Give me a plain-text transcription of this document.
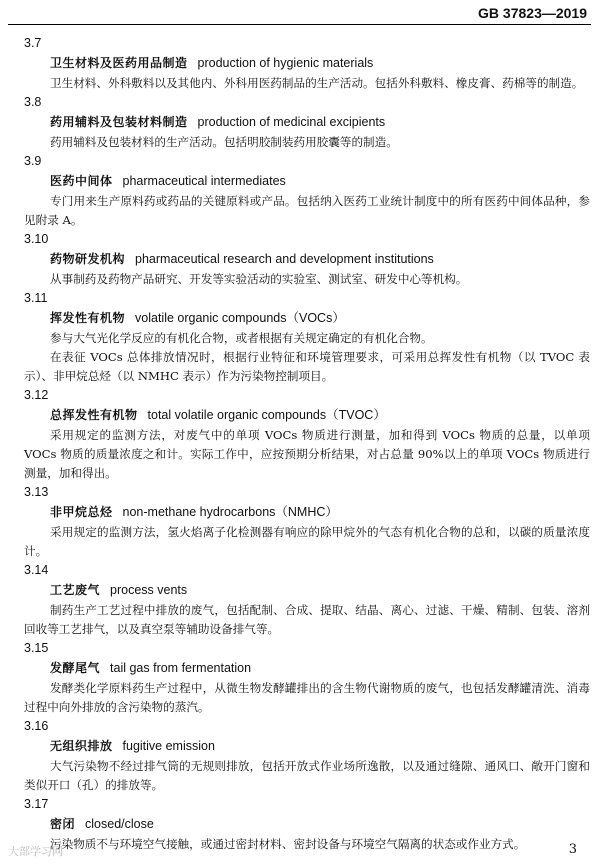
GB 37823—2019
3.7
卫生材料及医药用品制造 production of hygienic materials
卫生材料、外科敷料以及其他内、外科用医药制品的生产活动。包括外科敷料、橡皮膏、药棉等的制造。
3.8
药用辅料及包装材料制造 production of medicinal excipients
药用辅料及包装材料的生产活动。包括明胶制装药用胶囊等的制造。
3.9
医药中间体 pharmaceutical intermediates
专门用来生产原料药或药品的关键原料或产品。包括纳入医药工业统计制度中的所有医药中间体品种，参见附录 A。
3.10
药物研发机构 pharmaceutical research and development institutions
从事制药及药物产品研究、开发等实验活动的实验室、测试室、研发中心等机构。
3.11
挥发性有机物 volatile organic compounds（VOCs）
参与大气光化学反应的有机化合物，或者根据有关规定确定的有机化合物。
在表征 VOCs 总体排放情况时，根据行业特征和环境管理要求，可采用总挥发性有机物（以 TVOC 表示）、非甲烷总烃（以 NMHC 表示）作为污染物控制项目。
3.12
总挥发性有机物 total volatile organic compounds（TVOC）
采用规定的监测方法，对废气中的单项 VOCs 物质进行测量，加和得到 VOCs 物质的总量，以单项 VOCs 物质的质量浓度之和计。实际工作中，应按预期分析结果，对占总量 90%以上的单项 VOCs 物质进行测量，加和得出。
3.13
非甲烷总烃 non-methane hydrocarbons（NMHC）
采用规定的监测方法，氢火焰离子化检测器有响应的除甲烷外的气态有机化合物的总和，以碳的质量浓度计。
3.14
工艺废气 process vents
制药生产工艺过程中排放的废气，包括配制、合成、提取、结晶、离心、过滤、干燥、精制、包装、溶剂回收等工艺排气，以及真空泵等辅助设备排气等。
3.15
发酵尾气 tail gas from fermentation
发酵类化学原料药生产过程中，从微生物发酵罐排出的含生物代谢物质的废气，也包括发酵罐清洗、消毒过程中向外排放的含污染物的蒸汽。
3.16
无组织排放 fugitive emission
大气污染物不经过排气筒的无规则排放，包括开放式作业场所逸散，以及通过缝隙、通风口、敞开门窗和类似开口（孔）的排放等。
3.17
密闭 closed/close
污染物质不与环境空气接触，或通过密封材料、密封设备与环境空气隔离的状态或作业方式。
大部学习网	3
